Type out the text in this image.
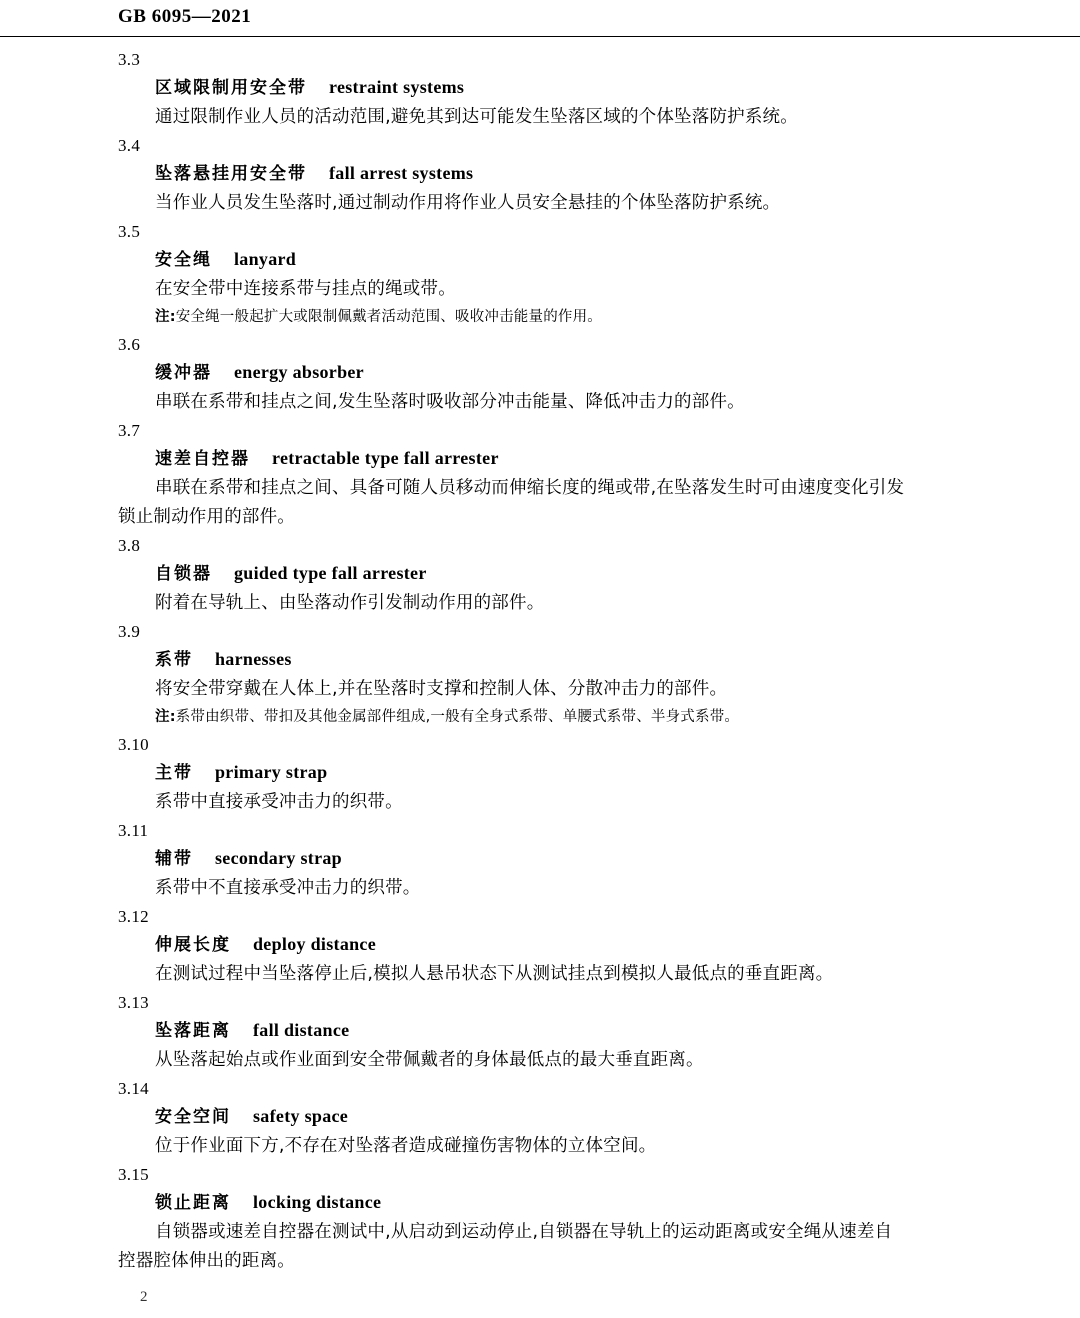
GB 6095—2021
3.3
区域限制用安全带 restraint systems
通过限制作业人员的活动范围,避免其到达可能发生坠落区域的个体坠落防护系统。
3.4
坠落悬挂用安全带 fall arrest systems
当作业人员发生坠落时,通过制动作用将作业人员安全悬挂的个体坠落防护系统。
3.5
安全绳 lanyard
在安全带中连接系带与挂点的绳或带。
注:安全绳一般起扩大或限制佩戴者活动范围、吸收冲击能量的作用。
3.6
缓冲器 energy absorber
串联在系带和挂点之间,发生坠落时吸收部分冲击能量、降低冲击力的部件。
3.7
速差自控器 retractable type fall arrester
串联在系带和挂点之间、具备可随人员移动而伸缩长度的绳或带,在坠落发生时可由速度变化引发
锁止制动作用的部件。
3.8
自锁器 guided type fall arrester
附着在导轨上、由坠落动作引发制动作用的部件。
3.9
系带 harnesses
将安全带穿戴在人体上,并在坠落时支撑和控制人体、分散冲击力的部件。
注:系带由织带、带扣及其他金属部件组成,一般有全身式系带、单腰式系带、半身式系带。
3.10
主带 primary strap
系带中直接承受冲击力的织带。
3.11
辅带 secondary strap
系带中不直接承受冲击力的织带。
3.12
伸展长度 deploy distance
在测试过程中当坠落停止后,模拟人悬吊状态下从测试挂点到模拟人最低点的垂直距离。
3.13
坠落距离 fall distance
从坠落起始点或作业面到安全带佩戴者的身体最低点的最大垂直距离。
3.14
安全空间 safety space
位于作业面下方,不存在对坠落者造成碰撞伤害物体的立体空间。
3.15
锁止距离 locking distance
自锁器或速差自控器在测试中,从启动到运动停止,自锁器在导轨上的运动距离或安全绳从速差自
控器腔体伸出的距离。
2
